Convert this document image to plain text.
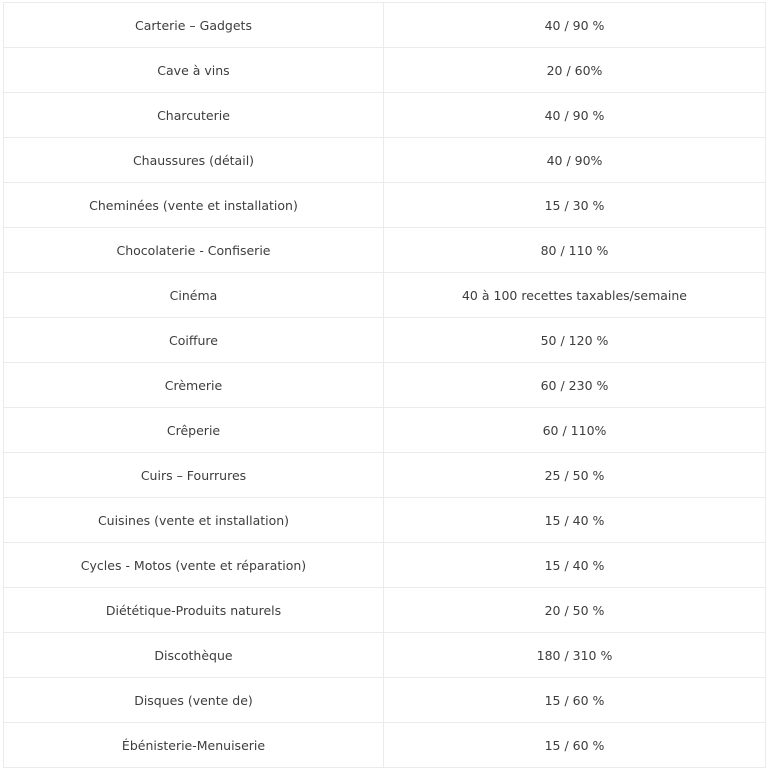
Carterie – Gadgets	40 / 90 %
Cave à vins	20 / 60%
Charcuterie	40 / 90 %
Chaussures (détail)	40 / 90%
Cheminées (vente et installation)	15 / 30 %
Chocolaterie - Confiserie	80 / 110 %
Cinéma	40 à 100 recettes taxables/semaine
Coiffure	50 / 120 %
Crèmerie	60 / 230 %
Crêperie	60 / 110%
Cuirs – Fourrures	25 / 50 %
Cuisines (vente et installation)	15 / 40 %
Cycles - Motos (vente et réparation)	15 / 40 %
Diététique-Produits naturels	20 / 50 %
Discothèque	180 / 310 %
Disques (vente de)	15 / 60 %
Ébénisterie-Menuiserie	15 / 60 %
